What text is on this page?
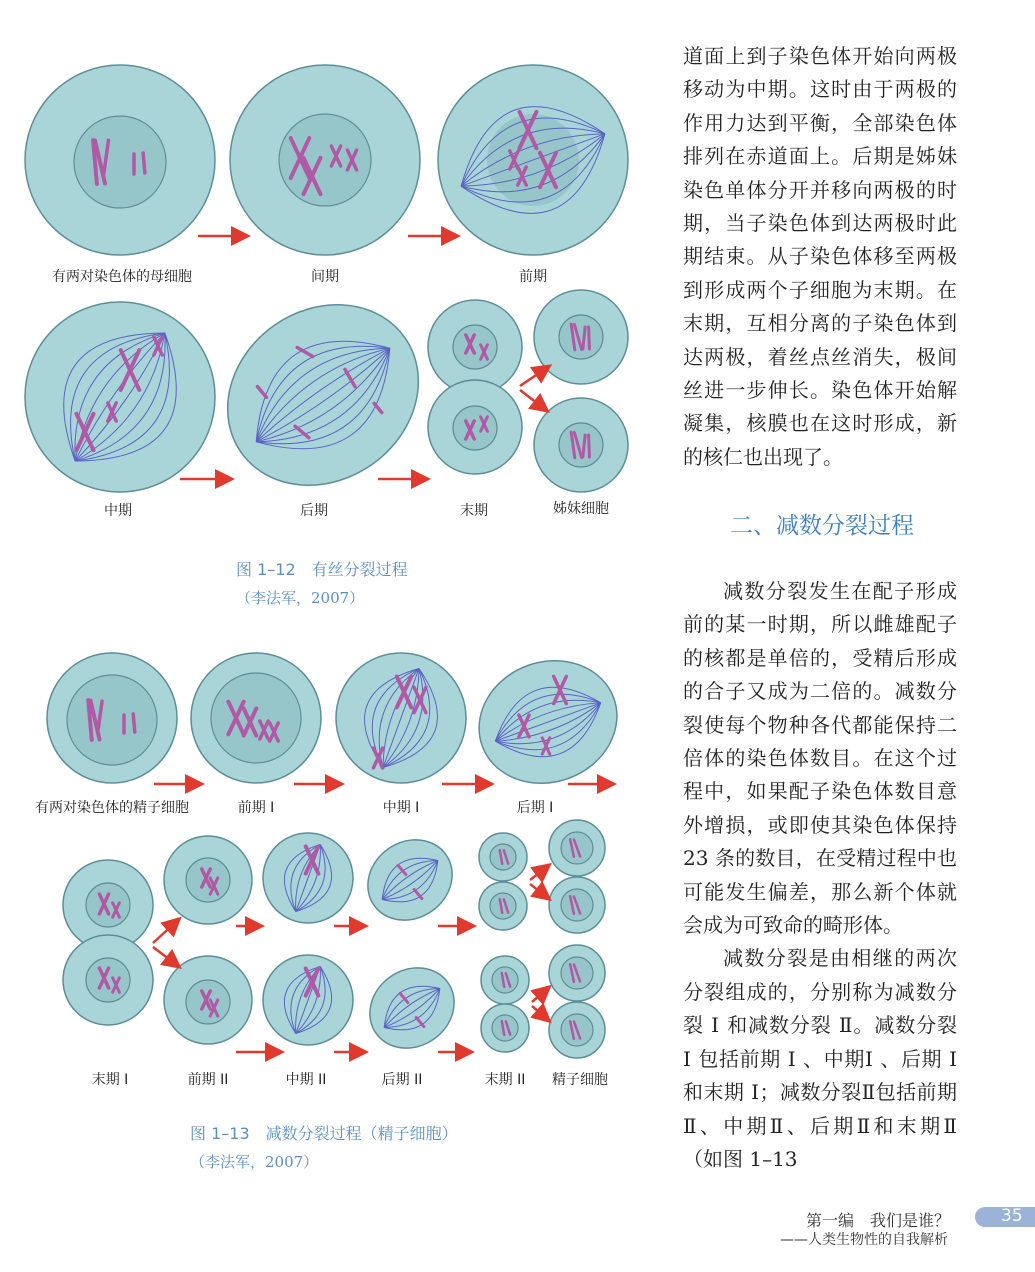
有两对染色体的母细胞	间期	前期
中期	后期	末期	姊妹细胞
图 1–12　有丝分裂过程
（李法军，2007）
有两对染色体的精子细胞	前期 I	中期 I	后期 I
末期 I	前期 II	中期 II	后期 II	末期 II 精子细胞
图 1–13　减数分裂过程（精子细胞）
（李法军，2007）

道面上到子染色体开始向两极移动为中期。这时由于两极的作用力达到平衡，全部染色体排列在赤道面上。后期是姊妹染色单体分开并移向两极的时期，当子染色体到达两极时此期结束。从子染色体移至两极到形成两个子细胞为末期。在末期，互相分离的子染色体到达两极，着丝点丝消失，极间丝进一步伸长。染色体开始解凝集，核膜也在这时形成，新的核仁也出现了。

二、减数分裂过程

减数分裂发生在配子形成前的某一时期，所以雌雄配子的核都是单倍的，受精后形成的合子又成为二倍的。减数分裂使每个物种各代都能保持二倍体的染色体数目。在这个过程中，如果配子染色体数目意外增损，或即使其染色体保持23 条的数目，在受精过程中也可能发生偏差，那么新个体就会成为可致命的畸形体。

减数分裂是由相继的两次分裂组成的，分别称为减数分裂 Ⅰ 和减数分裂 Ⅱ。减数分裂 Ⅰ 包括前期 Ⅰ 、中期Ⅰ 、后期 Ⅰ 和末期 Ⅰ；减数分裂Ⅱ包括前期Ⅱ、中期Ⅱ、后期Ⅱ和末期Ⅱ（如图 1–13

第一编　我们是谁？
——人类生物性的自我解析
35
